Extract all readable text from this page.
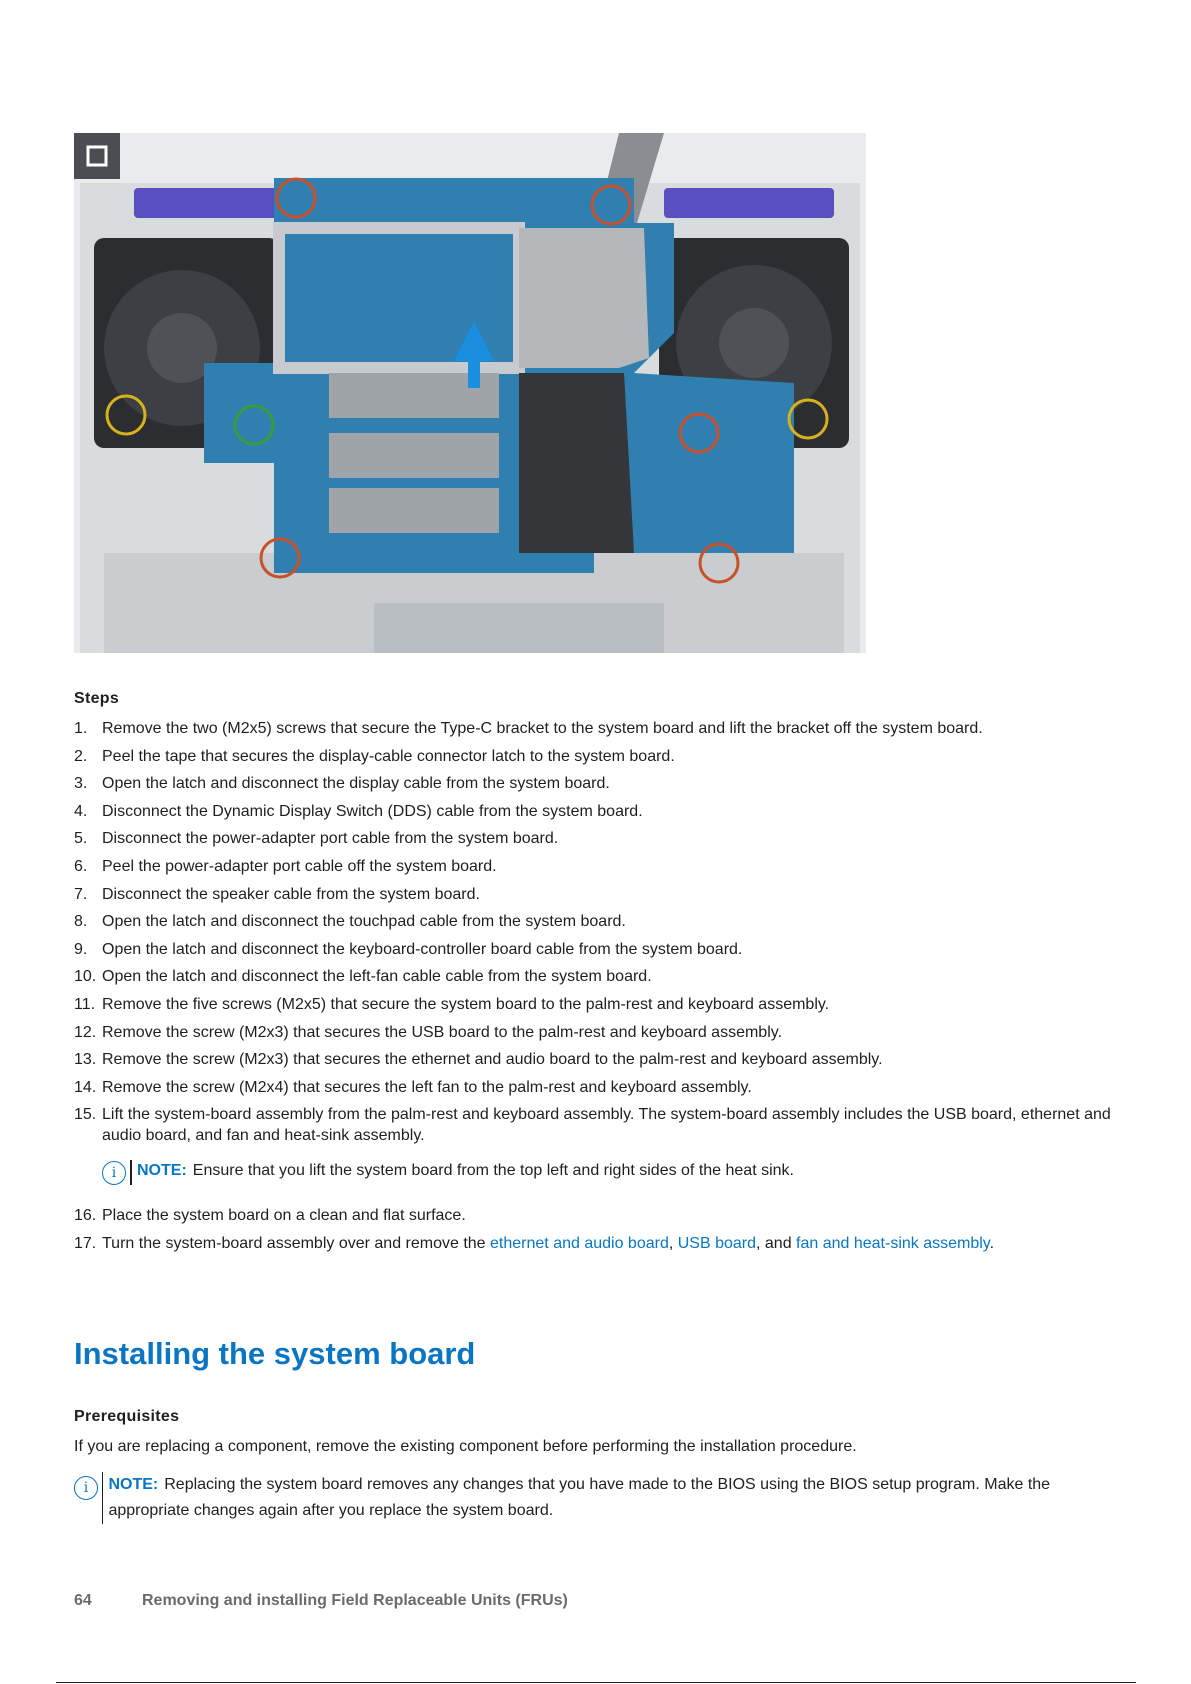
Steps
1. Remove the two (M2x5) screws that secure the Type-C bracket to the system board and lift the bracket off the system board.
2. Peel the tape that secures the display-cable connector latch to the system board.
3. Open the latch and disconnect the display cable from the system board.
4. Disconnect the Dynamic Display Switch (DDS) cable from the system board.
5. Disconnect the power-adapter port cable from the system board.
6. Peel the power-adapter port cable off the system board.
7. Disconnect the speaker cable from the system board.
8. Open the latch and disconnect the touchpad cable from the system board.
9. Open the latch and disconnect the keyboard-controller board cable from the system board.
10. Open the latch and disconnect the left-fan cable cable from the system board.
11. Remove the five screws (M2x5) that secure the system board to the palm-rest and keyboard assembly.
12. Remove the screw (M2x3) that secures the USB board to the palm-rest and keyboard assembly.
13. Remove the screw (M2x3) that secures the ethernet and audio board to the palm-rest and keyboard assembly.
14. Remove the screw (M2x4) that secures the left fan to the palm-rest and keyboard assembly.
15. Lift the system-board assembly from the palm-rest and keyboard assembly. The system-board assembly includes the USB board, ethernet and audio board, and fan and heat-sink assembly.
i	NOTE: Ensure that you lift the system board from the top left and right sides of the heat sink.
16. Place the system board on a clean and flat surface.
17. Turn the system-board assembly over and remove the ethernet and audio board, USB board, and fan and heat-sink assembly.
Installing the system board
Prerequisites

If you are replacing a component, remove the existing component before performing the installation procedure.

i	NOTE: Replacing the system board removes any changes that you have made to the BIOS using the BIOS setup program. Make the appropriate changes again after you replace the system board.
64	Removing and installing Field Replaceable Units (FRUs)
